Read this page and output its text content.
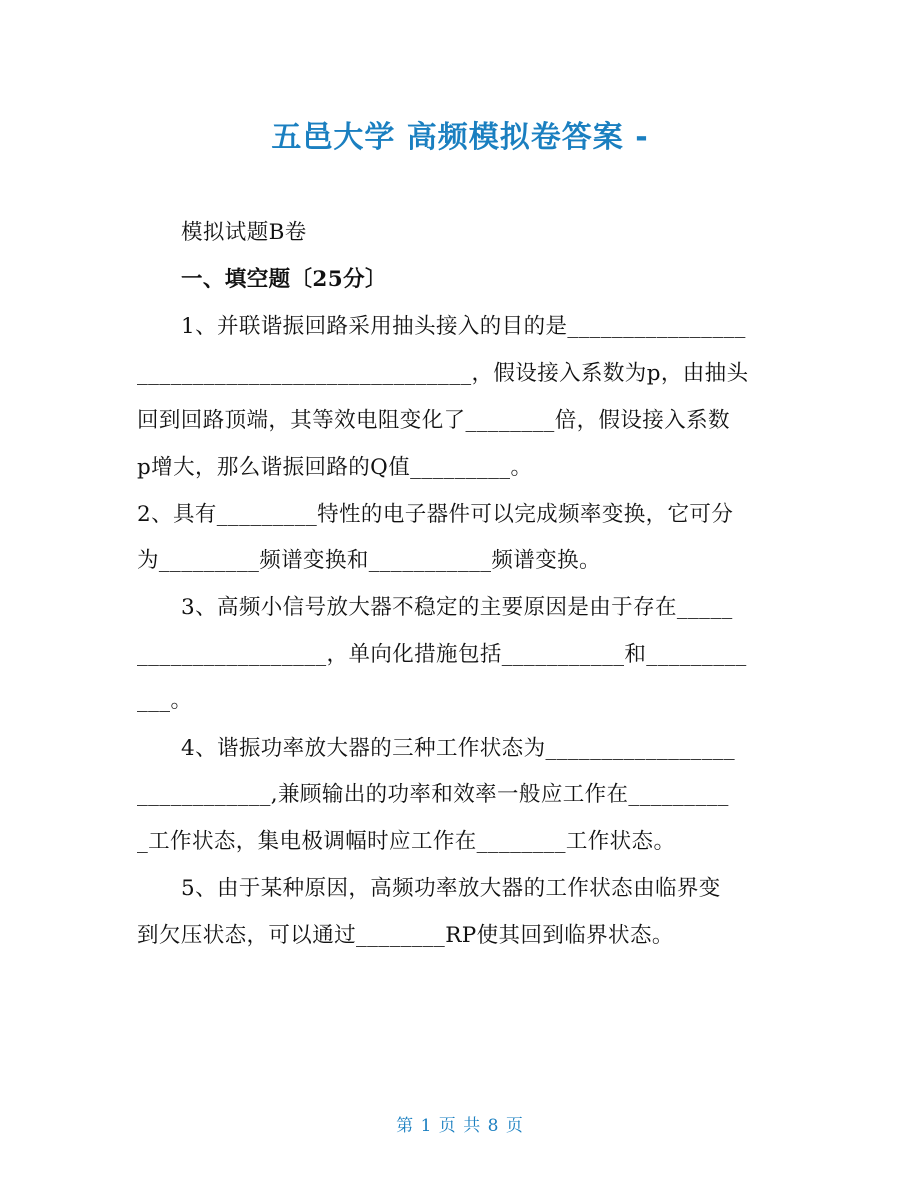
五邑大学 高频模拟卷答案 -
模拟试题B卷
一、填空题〔25分〕
1、并联谐振回路采用抽头接入的目的是________________
______________________________，假设接入系数为p，由抽头
回到回路顶端，其等效电阻变化了________倍，假设接入系数
p增大，那么谐振回路的Q值_________。
2、具有_________特性的电子器件可以完成频率变换，它可分
为_________频谱变换和___________频谱变换。
3、高频小信号放大器不稳定的主要原因是由于存在_____
_________________，单向化措施包括___________和_________
___。
4、谐振功率放大器的三种工作状态为_________________
____________,兼顾输出的功率和效率一般应工作在_________
_工作状态，集电极调幅时应工作在________工作状态。
5、由于某种原因，高频功率放大器的工作状态由临界变
到欠压状态，可以通过________RP使其回到临界状态。
第 1 页 共 8 页
